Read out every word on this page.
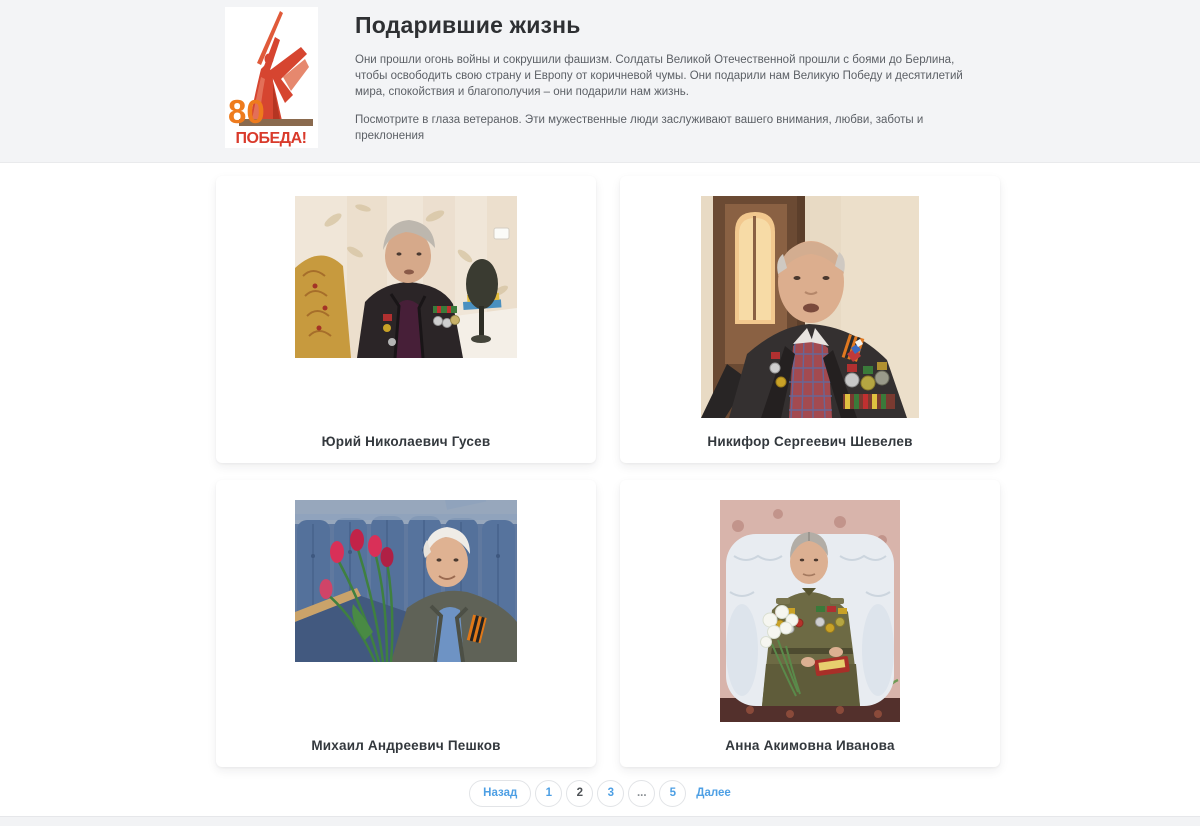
80
ПОБЕДА!
Подарившие жизнь

Они прошли огонь войны и сокрушили фашизм. Солдаты Великой Отечественной прошли с боями до Берлина, чтобы освободить свою страну и Европу от коричневой чумы. Они подарили нам Великую Победу и десятилетий мира, спокойствия и благополучия – они подарили нам жизнь.

Посмотрите в глаза ветеранов. Эти мужественные люди заслуживают вашего внимания, любви, заботы и преклонения

Юрий Николаевич Гусев	Никифор Сергеевич Шевелев
Михаил Андреевич Пешков	Анна Акимовна Иванова
Назад	1	2	3	...	5	Далее
